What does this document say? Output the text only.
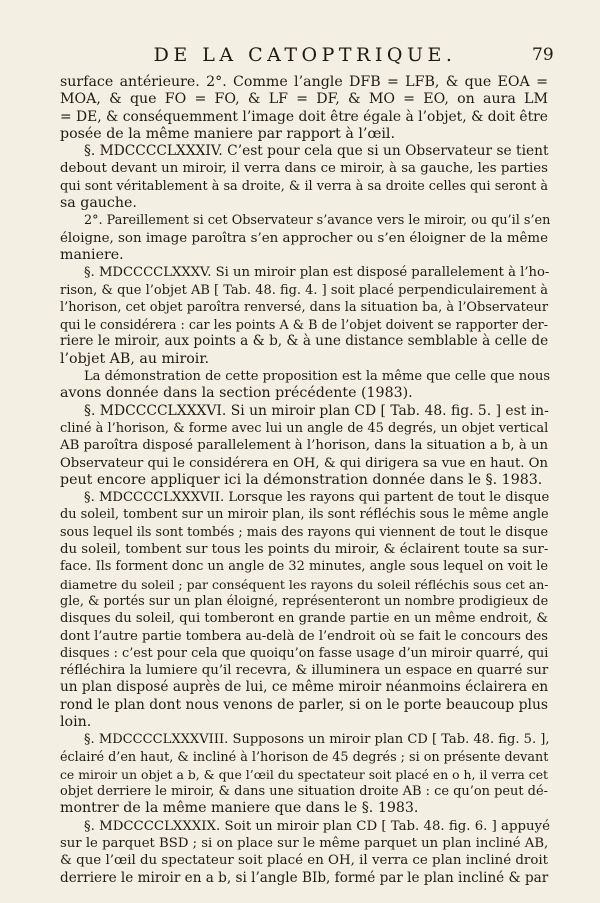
DE LA CATOPTRIQUE.	79
surface antérieure. 2°. Comme l’angle DFB = LFB, & que EOA =
MOA, & que FO = FO, & LF = DF, & MO = EO, on aura LM
= DE, & conséquemment l’image doit être égale à l’objet, & doit être
posée de la même maniere par rapport à l’œil.
§. MDCCCCLXXXIV. C’est pour cela que si un Observateur se tient
debout devant un miroir, il verra dans ce miroir, à sa gauche, les parties
qui sont véritablement à sa droite, & il verra à sa droite celles qui seront à
sa gauche.
2°. Pareillement si cet Observateur s’avance vers le miroir, ou qu’il s’en
éloigne, son image paroîtra s’en approcher ou s’en éloigner de la même
maniere.
§. MDCCCCLXXXV. Si un miroir plan est disposé parallelement à l’ho-
rison, & que l’objet AB [ Tab. 48. fig. 4. ] soit placé perpendiculairement à
l’horison, cet objet paroîtra renversé, dans la situation ba, à l’Observateur
qui le considérera : car les points A & B de l’objet doivent se rapporter der-
riere le miroir, aux points a & b, & à une distance semblable à celle de
l’objet AB, au miroir.
La démonstration de cette proposition est la même que celle que nous
avons donnée dans la section précédente (1983).
§. MDCCCCLXXXVI. Si un miroir plan CD [ Tab. 48. fig. 5. ] est in-
cliné à l’horison, & forme avec lui un angle de 45 degrés, un objet vertical
AB paroîtra disposé parallelement à l’horison, dans la situation a b, à un
Observateur qui le considérera en OH, & qui dirigera sa vue en haut. On
peut encore appliquer ici la démonstration donnée dans le §. 1983.
§. MDCCCCLXXXVII. Lorsque les rayons qui partent de tout le disque
du soleil, tombent sur un miroir plan, ils sont réfléchis sous le même angle
sous lequel ils sont tombés ; mais des rayons qui viennent de tout le disque
du soleil, tombent sur tous les points du miroir, & éclairent toute sa sur-
face. Ils forment donc un angle de 32 minutes, angle sous lequel on voit le
diametre du soleil ; par conséquent les rayons du soleil réfléchis sous cet an-
gle, & portés sur un plan éloigné, représenteront un nombre prodigieux de
disques du soleil, qui tomberont en grande partie en un même endroit, &
dont l’autre partie tombera au-delà de l’endroit où se fait le concours des
disques : c’est pour cela que quoiqu’on fasse usage d’un miroir quarré, qui
réfléchira la lumiere qu’il recevra, & illuminera un espace en quarré sur
un plan disposé auprès de lui, ce même miroir néanmoins éclairera en
rond le plan dont nous venons de parler, si on le porte beaucoup plus
loin.
§. MDCCCCLXXXVIII. Supposons un miroir plan CD [ Tab. 48. fig. 5. ],
éclairé d’en haut, & incliné à l’horison de 45 degrés ; si on présente devant
ce miroir un objet a b, & que l’œil du spectateur soit placé en o h, il verra cet
objet derriere le miroir, & dans une situation droite AB : ce qu’on peut dé-
montrer de la même maniere que dans le §. 1983.
§. MDCCCCLXXXIX. Soit un miroir plan CD [ Tab. 48. fig. 6. ] appuyé
sur le parquet BSD ; si on place sur le même parquet un plan incliné AB,
& que l’œil du spectateur soit placé en OH, il verra ce plan incliné droit
derriere le miroir en a b, si l’angle BIb, formé par le plan incliné & par
